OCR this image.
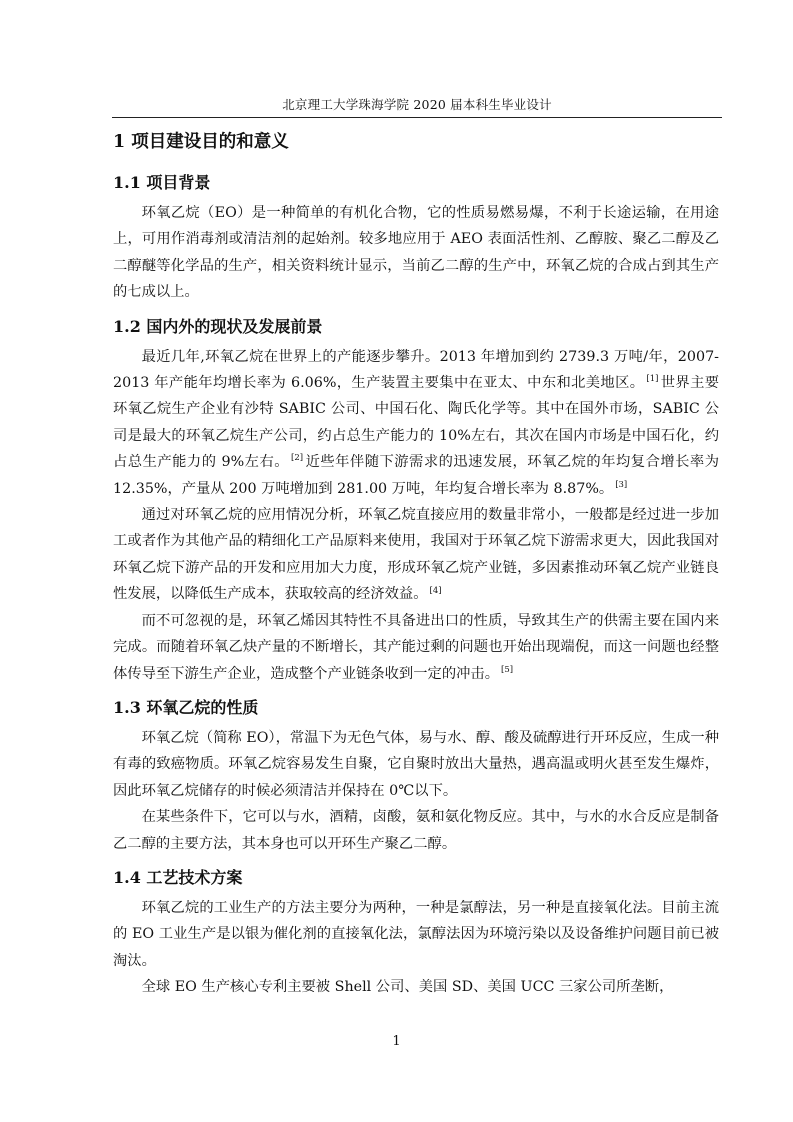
北京理工大学珠海学院 2020 届本科生毕业设计
1 项目建设目的和意义
1.1 项目背景

环氧乙烷（EO）是一种简单的有机化合物，它的性质易燃易爆，不利于长途运输，在用途上，可用作消毒剂或清洁剂的起始剂。较多地应用于 AEO 表面活性剂、乙醇胺、聚乙二醇及乙二醇醚等化学品的生产，相关资料统计显示，当前乙二醇的生产中，环氧乙烷的合成占到其生产的七成以上。

1.2 国内外的现状及发展前景

最近几年,环氧乙烷在世界上的产能逐步攀升。2013 年增加到约 2739.3 万吨/年，2007-2013 年产能年均增长率为 6.06%，生产装置主要集中在亚太、中东和北美地区。 [1] 世界主要环氧乙烷生产企业有沙特 SABIC 公司、中国石化、陶氏化学等。其中在国外市场，SABIC 公司是最大的环氧乙烷生产公司，约占总生产能力的 10%左右，其次在国内市场是中国石化，约占总生产能力的 9%左右。 [2] 近些年伴随下游需求的迅速发展，环氧乙烷的年均复合增长率为 12.35%，产量从 200 万吨增加到 281.00 万吨，年均复合增长率为 8.87%。 [3]

通过对环氧乙烷的应用情况分析，环氧乙烷直接应用的数量非常小，一般都是经过进一步加工或者作为其他产品的精细化工产品原料来使用，我国对于环氧乙烷下游需求更大，因此我国对环氧乙烷下游产品的开发和应用加大力度，形成环氧乙烷产业链，多因素推动环氧乙烷产业链良性发展，以降低生产成本，获取较高的经济效益。 [4]

而不可忽视的是，环氧乙烯因其特性不具备进出口的性质，导致其生产的供需主要在国内来完成。而随着环氧乙炔产量的不断增长，其产能过剩的问题也开始出现端倪，而这一问题也经整体传导至下游生产企业，造成整个产业链条收到一定的冲击。 [5]

1.3 环氧乙烷的性质

环氧乙烷（简称 EO），常温下为无色气体，易与水、醇、酸及硫醇进行开环反应，生成一种有毒的致癌物质。环氧乙烷容易发生自聚，它自聚时放出大量热，遇高温或明火甚至发生爆炸，因此环氧乙烷储存的时候必须清洁并保持在 0℃以下。

在某些条件下，它可以与水，酒精，卤酸，氨和氨化物反应。其中，与水的水合反应是制备乙二醇的主要方法，其本身也可以开环生产聚乙二醇。

1.4 工艺技术方案

环氧乙烷的工业生产的方法主要分为两种，一种是氯醇法，另一种是直接氧化法。目前主流的 EO 工业生产是以银为催化剂的直接氧化法，氯醇法因为环境污染以及设备维护问题目前已被淘汰。

全球 EO 生产核心专利主要被 Shell 公司、美国 SD、美国 UCC 三家公司所垄断，

1
